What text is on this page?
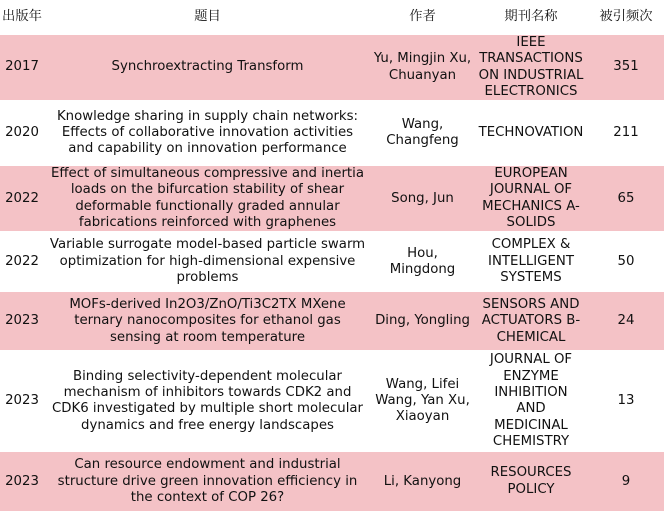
出版年	题目	作者	期刊名称	被引频次
2017	Synchroextracting Transform	Yu, Mingjin Xu, Chuanyan	IEEE TRANSACTIONS ON INDUSTRIAL ELECTRONICS	351
2020	Knowledge sharing in supply chain networks: Effects of collaborative innovation activities and capability on innovation performance	Wang, Changfeng	TECHNOVATION	211
2022	Effect of simultaneous compressive and inertia loads on the bifurcation stability of shear deformable functionally graded annular fabrications reinforced with graphenes	Song, Jun	EUROPEAN JOURNAL OF MECHANICS A-SOLIDS	65
2022	Variable surrogate model-based particle swarm optimization for high-dimensional expensive problems	Hou, Mingdong	COMPLEX & INTELLIGENT SYSTEMS	50
2023	MOFs-derived In2O3/ZnO/Ti3C2TX MXene ternary nanocomposites for ethanol gas sensing at room temperature	Ding, Yongling	SENSORS AND ACTUATORS B-CHEMICAL	24
2023	Binding selectivity-dependent molecular mechanism of inhibitors towards CDK2 and CDK6 investigated by multiple short molecular dynamics and free energy landscapes	Wang, Lifei Wang, Yan Xu, Xiaoyan	JOURNAL OF ENZYME INHIBITION AND MEDICINAL CHEMISTRY	13
2023	Can resource endowment and industrial structure drive green innovation efficiency in the context of COP 26?	Li, Kanyong	RESOURCES POLICY	9
